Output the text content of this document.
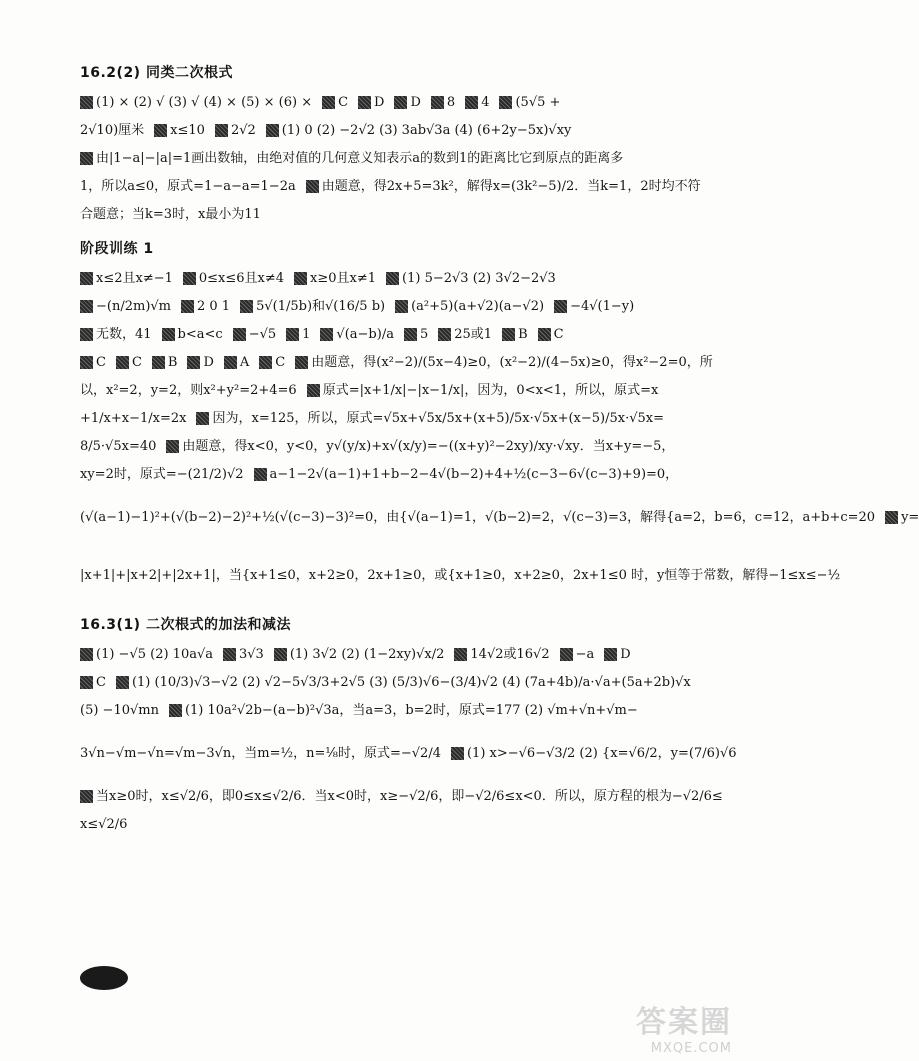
16.2(2) 同类二次根式
(1) × (2) √ (3) √ (4) × (5) × (6) × C D D 8 4 (5√5 +
2√10)厘米 x≤10 2√2 (1) 0 (2) −2√2 (3) 3ab√3a (4) (6+2y−5x)√xy
由|1−a|−|a|=1画出数轴，由绝对值的几何意义知表示a的数到1的距离比它到原点的距离多
1，所以a≤0，原式=1−a−a=1−2a 由题意，得2x+5=3k²，解得x=(3k²−5)/2．当k=1，2时均不符
合题意；当k=3时，x最小为11
阶段训练 1
x≤2且x≠−1 0≤x≤6且x≠4 x≥0且x≠1 (1) 5−2√3 (2) 3√2−2√3
−(n/2m)√m 2 0 1 5√(1/5b)和√(16/5 b) (a²+5)(a+√2)(a−√2) −4√(1−y)
无数，41 b<a<c −√5 1 √(a−b)/a 5 25或1 B C
C C B D A C 由题意，得(x²−2)/(5x−4)≥0，(x²−2)/(4−5x)≥0，得x²−2=0，所
以，x²=2，y=2，则x²+y²=2+4=6 原式=|x+1/x|−|x−1/x|，因为，0<x<1，所以，原式=x
+1/x+x−1/x=2x 因为，x=125，所以，原式=√5x+√5x/5x+(x+5)/5x·√5x+(x−5)/5x·√5x=
8/5·√5x=40 由题意，得x<0，y<0，y√(y/x)+x√(x/y)=−((x+y)²−2xy)/xy·√xy．当x+y=−5，
xy=2时，原式=−(21/2)√2 a−1−2√(a−1)+1+b−2−4√(b−2)+4+½(c−3−6√(c−3)+9)=0，
(√(a−1)−1)²+(√(b−2)−2)²+½(√(c−3)−3)²=0，由{√(a−1)=1，√(b−2)=2，√(c−3)=3，解得{a=2，b=6，c=12，a+b+c=20 y=
|x+1|+|x+2|+|2x+1|，当{x+1≤0，x+2≥0，2x+1≥0，或{x+1≥0，x+2≥0，2x+1≤0 时，y恒等于常数，解得−1≤x≤−½
16.3(1) 二次根式的加法和减法
(1) −√5 (2) 10a√a 3√3 (1) 3√2 (2) (1−2xy)√x/2 14√2或16√2 −a D
C (1) (10/3)√3−√2 (2) √2−5√3/3+2√5 (3) (5/3)√6−(3/4)√2 (4) (7a+4b)/a·√a+(5a+2b)√x
(5) −10√mn (1) 10a²√2b−(a−b)²√3a，当a=3，b=2时，原式=177 (2) √m+√n+√m−
3√n−√m−√n=√m−3√n，当m=½，n=⅛时，原式=−√2/4 (1) x>−√6−√3/2 (2) {x=√6/2，y=(7/6)√6
当x≥0时，x≤√2/6，即0≤x≤√2/6．当x<0时，x≥−√2/6，即−√2/6≤x<0．所以，原方程的根为−√2/6≤
x≤√2/6
答案圈
MXQE.COM
